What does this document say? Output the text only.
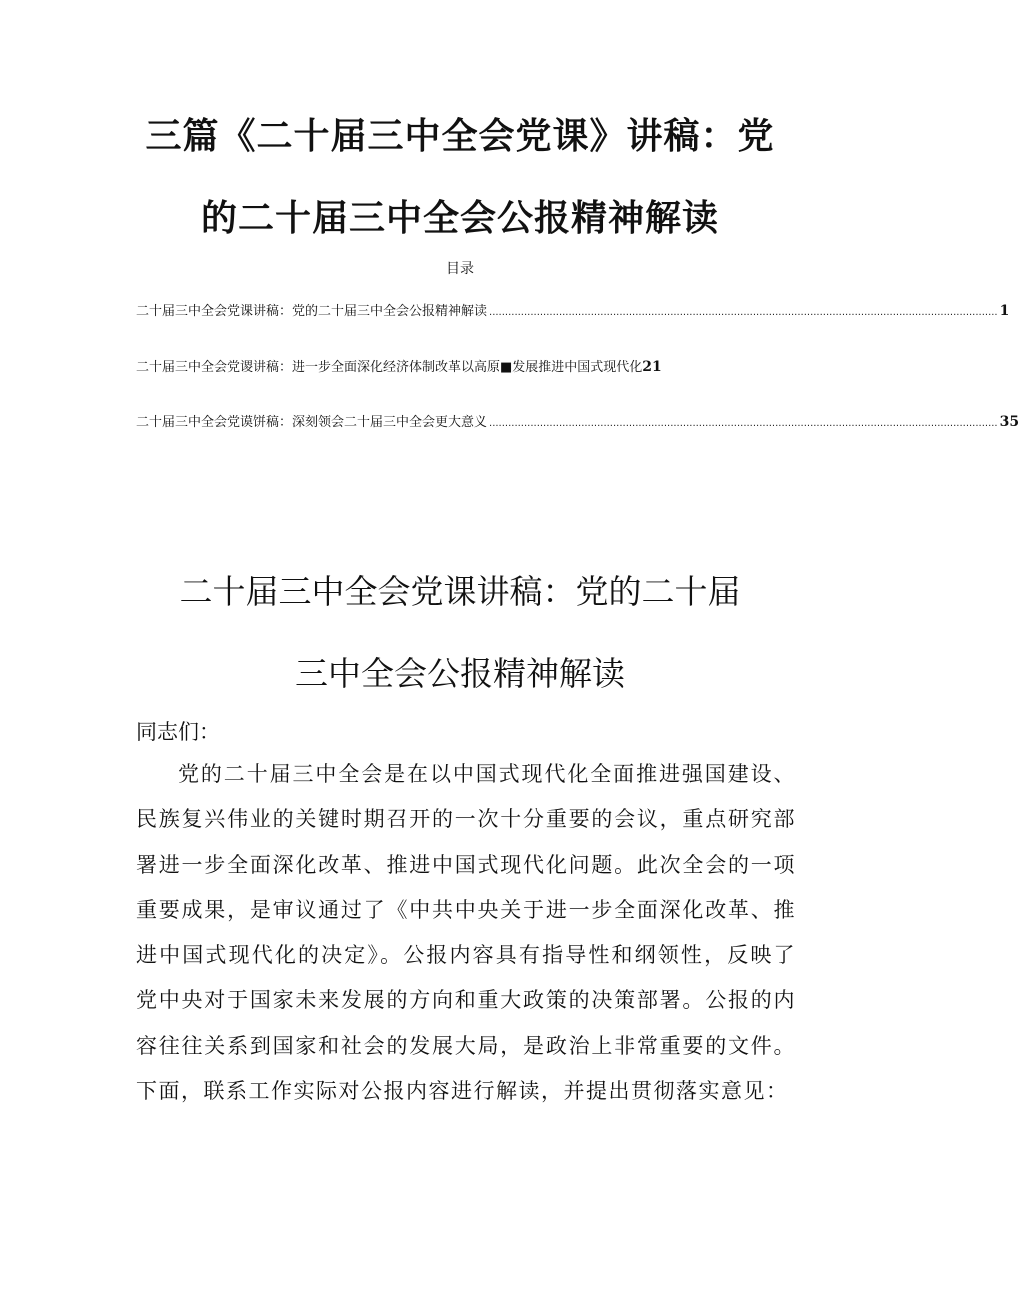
三篇《二十届三中全会党课》讲稿：党
的二十届三中全会公报精神解读
目录
二十届三中全会党课讲稿：党的二十届三中全会公报精神解读 ................................................................................................................................................................ 1
二十届三中全会党谡讲稿：进一步全面深化经济体制改革以高原■发展推进中国式现代化 21
二十届三中全会党谟饼稿：深刻领会二十届三中全会更大意义 ................................................................................................................................................................ 35
二十届三中全会党课讲稿：党的二十届
三中全会公报精神解读
同志们：
党的二十届三中全会是在以中国式现代化全面推进强国建设、民族复兴伟业的关键时期召开的一次十分重要的会议，重点研究部署进一步全面深化改革、推进中国式现代化问题。此次全会的一项重要成果，是审议通过了《中共中央关于进一步全面深化改革、推进中国式现代化的决定》。公报内容具有指导性和纲领性，反映了党中央对于国家未来发展的方向和重大政策的决策部署。公报的内容往往关系到国家和社会的发展大局，是政治上非常重要的文件。下面，联系工作实际对公报内容进行解读，并提出贯彻落实意见：
